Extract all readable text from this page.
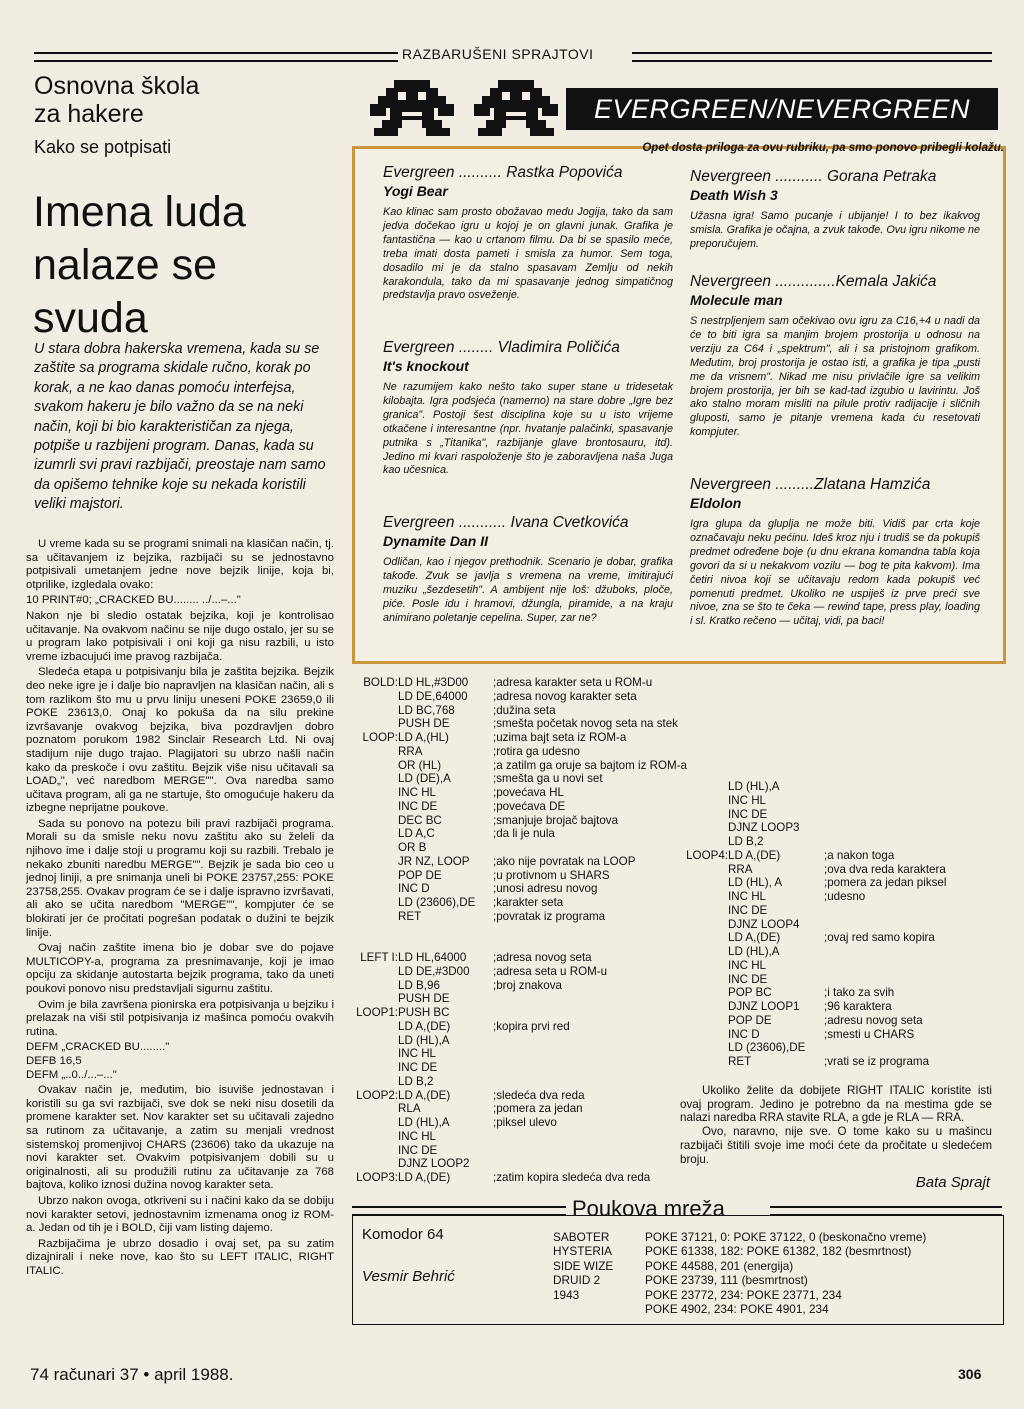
RAZBARUŠENI SPRAJTOVI
Osnovna škola
za hakere
Kako se potpisati
Imena luda
nalaze se
svuda
U stara dobra hakerska vremena, kada su se zaštite sa programa skidale ručno, korak po korak, a ne kao danas pomoću interfejsa, svakom hakeru je bilo važno da se na neki način, koji bi bio karakterističan za njega, potpiše u razbijeni program. Danas, kada su izumrli svi pravi razbijači, preostaje nam samo da opišemo tehnike koje su nekada koristili veliki majstori.

U vreme kada su se programi snimali na klasičan način, tj. sa učitavanjem iz bejzika, razbijači su se jednostavno potpisivali umetanjem jedne nove bejzik linije, koja bi, otprilike, izgledala ovako:

10 PRINT#0; „CRACKED BU........ ../...–..."

Nakon nje bi sledio ostatak bejzika, koji je kontrolisao učitavanje. Na ovakvom načinu se nije dugo ostalo, jer su se u program lako potpisivali i oni koji ga nisu razbili, u isto vreme izbacujući ime pravog razbijača.

Sledeća etapa u potpisivanju bila je zaštita bejzika. Bejzik deo neke igre je i dalje bio napravljen na klasičan način, ali s tom razlikom što mu u prvu liniju uneseni POKE 23659,0 ili POKE 23613,0. Onaj ko pokuša da na silu prekine izvršavanje ovakvog bejzika, biva pozdravljen dobro poznatom porukom 1982 Sinclair Research Ltd. Ni ovaj stadijum nije dugo trajao. Plagijatori su ubrzo našli način kako da preskoče i ovu zaštitu. Bejzik više nisu učitavali sa LOAD„", već naredbom MERGE"". Ova naredba samo učitava program, ali ga ne startuje, što omogućuje hakeru da izbegne neprijatne poukove.

Sada su ponovo na potezu bili pravi razbijači programa. Morali su da smisle neku novu zaštitu ako su želeli da njihovo ime i dalje stoji u programu koji su razbili. Trebalo je nekako zbuniti naredbu MERGE"". Bejzik je sada bio ceo u jednoj liniji, a pre snimanja uneli bi POKE 23757,255: POKE 23758,255. Ovakav program će se i dalje ispravno izvršavati, ali ako se učita naredbom "MERGE"", kompjuter će se blokirati jer će pročitati pogrešan podatak o dužini te bejzik linije.

Ovaj način zaštite imena bio je dobar sve do pojave MULTICOPY-a, programa za presnimavanje, koji je imao opciju za skidanje autostarta bejzik programa, tako da uneti poukovi ponovo nisu predstavljali sigurnu zaštitu.

Ovim je bila završena pionirska era potpisivanja u bejziku i prelazak na viši stil potpisivanja iz mašinca pomoću ovakvih rutina.

DEFM „CRACKED BU........"
DEFB 16,5
DEFM „..0../...–..."

Ovakav način je, međutim, bio isuviše jednostavan i koristili su ga svi razbijači, sve dok se neki nisu dosetili da promene karakter set. Nov karakter set su učitavali zajedno sa rutinom za učitavanje, a zatim su menjali vrednost sistemskoj promenjivoj CHARS (23606) tako da ukazuje na novi karakter set. Ovakvim potpisivanjem dobili su u originalnosti, ali su produžili rutinu za učitavanje za 768 bajtova, koliko iznosi dužina novog karakter seta.

Ubrzo nakon ovoga, otkriveni su i načini kako da se dobiju novi karakter setovi, jednostavnim izmenama onog iz ROM-a. Jedan od tih je i BOLD, čiji vam listing dajemo.

Razbijačima je ubrzo dosadio i ovaj set, pa su zatim dizajnirali i neke nove, kao što su LEFT ITALIC, RIGHT ITALIC.

EVERGREEN/NEVERGREEN
Opet dosta priloga za ovu rubriku, pa smo ponovo pribegli kolažu.
Evergreen .......... Rastka Popovića
Yogi Bear
Kao klinac sam prosto obožavao medu Jogija, tako da sam jedva dočekao igru u kojoj je on glavni junak. Grafika je fantastična — kao u crtanom filmu. Da bi se spasilo meće, treba imati dosta pameti i smisla za humor. Sem toga, dosadilo mi je da stalno spasavam Zemlju od nekih karakondula, tako da mi spasavanje jednog simpatičnog predstavlja pravo osveženje.
Evergreen ........ Vladimira Poličića
It's knockout
Ne razumijem kako nešto tako super stane u tridesetak kilobajta. Igra podsjeća (namerno) na stare dobre „Igre bez granica". Postoji šest disciplina koje su u isto vrijeme otkačene i interesantne (npr. hvatanje palačinki, spasavanje putnika s „Titanika", razbijanje glave brontosauru, itd). Jedino mi kvari raspoloženje što je zaboravljena naša Juga kao učesnica.
Evergreen ........... Ivana Cvetkovića
Dynamite Dan II
Odličan, kao i njegov prethodnik. Scenario je dobar, grafika takođe. Zvuk se javlja s vremena na vreme, imitirajući muziku „šezdesetih". A ambijent nije loš: džuboks, ploče, piće. Posle idu i hramovi, džungla, piramide, a na kraju animirano poletanje cepelina. Super, zar ne?
Nevergreen ........... Gorana Petraka
Death Wish 3
Užasna igra! Samo pucanje i ubijanje! I to bez ikakvog smisla. Grafika je očajna, a zvuk takođe. Ovu igru nikome ne preporučujem.
Nevergreen ..............Kemala Jakića
Molecule man
S nestrpljenjem sam očekivao ovu igru za C16,+4 u nadi da će to biti igra sa manjim brojem prostorija u odnosu na verziju za C64 i „spektrum", ali i sa pristojnom grafikom. Međutim, broj prostorija je ostao isti, a grafika je tipa „pusti me da vrisnem". Nikad me nisu privlačile igre sa velikim brojem prostorija, jer bih se kad-tad izgubio u lavirintu. Još ako stalno moram misliti na pilule protiv radijacije i sličnih gluposti, samo je pitanje vremena kada ću resetovati kompjuter.
Nevergreen .........Zlatana Hamzića
Eldolon
Igra glupa da gluplja ne može biti. Vidiš par crta koje označavaju neku pećinu. Ideš kroz nju i trudiš se da pokupiš predmet određene boje (u dnu ekrana komandna tabla koja govori da si u nekakvom vozilu — bog te pita kakvom). Ima četiri nivoa koji se učitavaju redom kada pokupiš već pomenuti predmet. Ukoliko ne uspiješ iz prve preći sve nivoe, zna se što te čeka — rewind tape, press play, loading i sl. Kratko rečeno — učitaj, vidi, pa baci!
BOLD:

LOOP:

LEFT I:

LOOP1:

LOOP2:

LOOP3:
LD HL,#3D00
LD DE,64000
LD BC,768
PUSH DE
LD A,(HL)
RRA
OR (HL)
LD (DE),A
INC HL
INC DE
DEC BC
LD A,C
OR B
JR NZ, LOOP
POP DE
INC D
LD (23606),DE
RET

LD HL,64000
LD DE,#3D00
LD B,96
PUSH DE
PUSH BC
LD A,(DE)
LD (HL),A
INC HL
INC DE
LD B,2
LD A,(DE)
RLA
LD (HL),A
INC HL
INC DE
DJNZ LOOP2
LD A,(DE)
;adresa karakter seta u ROM-u
;adresa novog karakter seta
;dužina seta
;smešta početak novog seta na stek
;uzima bajt seta iz ROM-a
;rotira ga udesno
;a zatilm ga oruje sa bajtom iz ROM-a
;smešta ga u novi set
;povećava HL
;povećava DE
;smanjuje brojač bajtova
;da li je nula

;ako nije povratak na LOOP
;u protivnom u SHARS
;unosi adresu novog
;karakter seta
;povratak iz programa

;adresa novog seta
;adresa seta u ROM-u
;broj znakova

;kopira prvi red

;sledeća dva reda
;pomera za jedan
;piksel ulevo

;zatim kopira sledeća dva reda

LOOP4:

LD (HL),A
INC HL
INC DE
DJNZ LOOP3
LD B,2
LD A,(DE)
RRA
LD (HL), A
INC HL
INC DE
DJNZ LOOP4
LD A,(DE)
LD (HL),A
INC HL
INC DE
POP BC
DJNZ LOOP1
POP DE
INC D
LD (23606),DE
RET

;a nakon toga
;ova dva reda karaktera
;pomera za jedan piksel
;udesno

;ovaj red samo kopira

;i tako za svih
;96 karaktera
;adresu novog seta
;smesti u CHARS

;vrati se iz programa
Ukoliko želite da dobijete RIGHT ITALIC koristite isti ovaj program. Jedino je potrebno da na mestima gde se nalazi naredba RRA stavite RLA, a gde je RLA — RRA.
Ovo, naravno, nije sve. O tome kako su u mašincu razbijači štitili svoje ime moći ćete da pročitate u sledećem broju.
Bata Sprajt
Poukova mreža
Komodor 64
Vesmir Behrić
SABOTER
HYSTERIA
SIDE WIZE
DRUID 2
1943
POKE 37121, 0: POKE 37122, 0 (beskonačno vreme)
POKE 61338, 182: POKE 61382, 182 (besmrtnost)
POKE 44588, 201 (energija)
POKE 23739, 111 (besmrtnost)
POKE 23772, 234: POKE 23771, 234
POKE 4902, 234: POKE 4901, 234
74 računari 37 • april 1988.	306
